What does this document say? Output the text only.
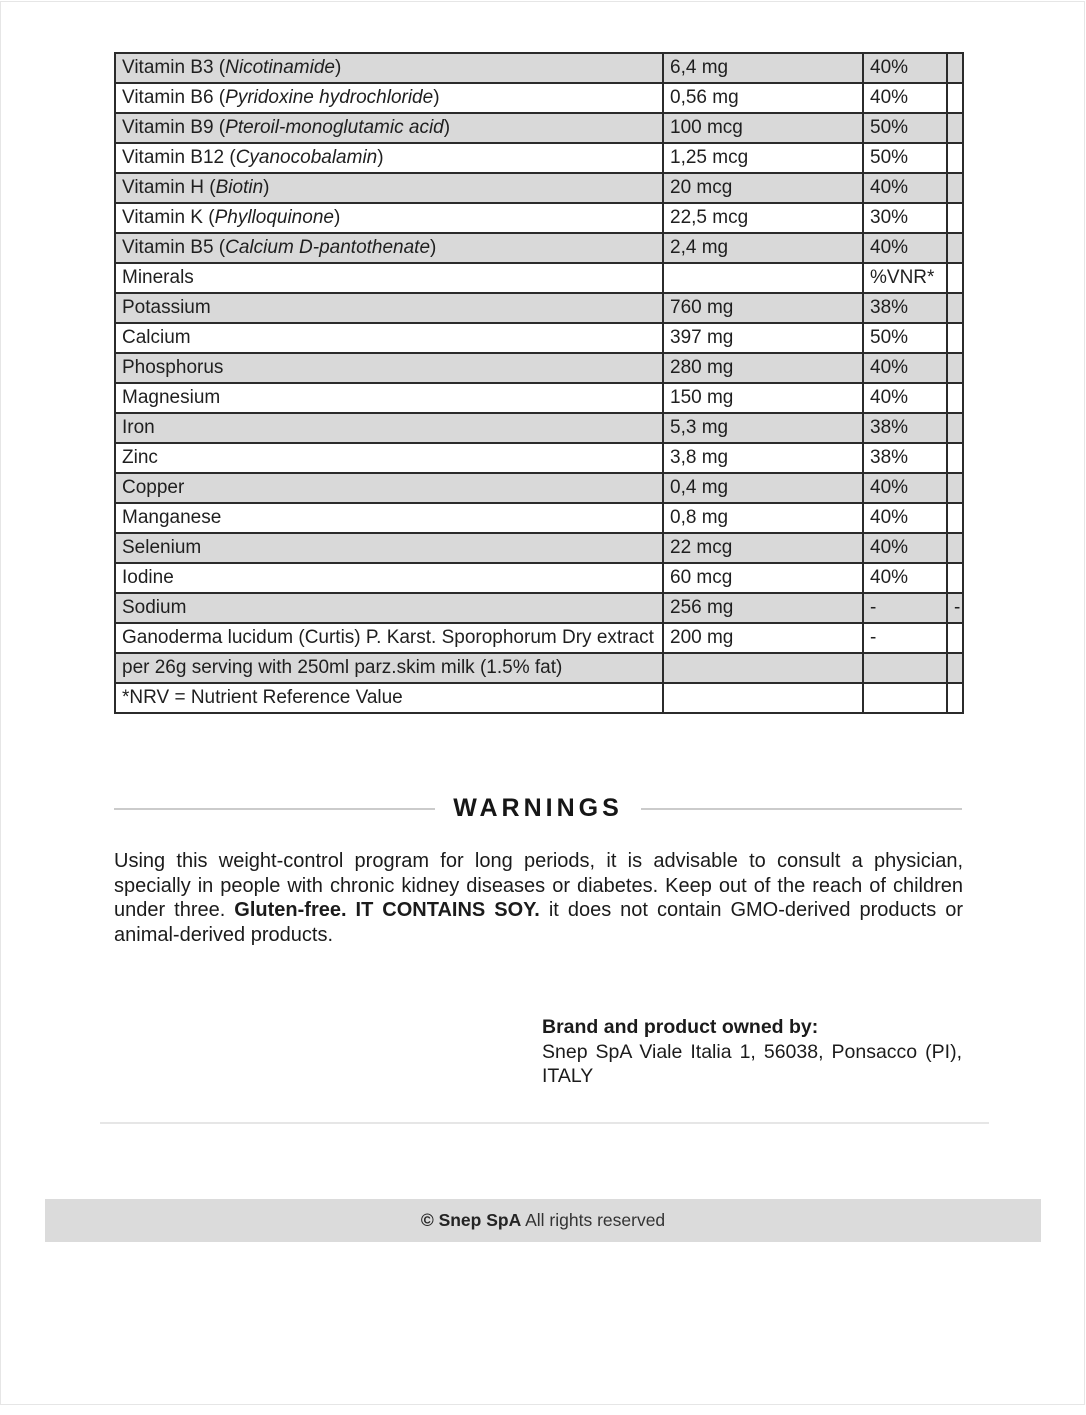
Vitamin B3 (Nicotinamide)	6,4 mg	40%	
Vitamin B6 (Pyridoxine hydrochloride)	0,56 mg	40%	
Vitamin B9 (Pteroil-monoglutamic acid)	100 mcg	50%	
Vitamin B12 (Cyanocobalamin)	1,25 mcg	50%	
Vitamin H (Biotin)	20 mcg	40%	
Vitamin K (Phylloquinone)	22,5 mcg	30%	
Vitamin B5 (Calcium D-pantothenate)	2,4 mg	40%	
Minerals		%VNR*	
Potassium	760 mg	38%	
Calcium	397 mg	50%	
Phosphorus	280 mg	40%	
Magnesium	150 mg	40%	
Iron	5,3 mg	38%	
Zinc	3,8 mg	38%	
Copper	0,4 mg	40%	
Manganese	0,8 mg	40%	
Selenium	22 mcg	40%	
Iodine	60 mcg	40%	
Sodium	256 mg	-	-
Ganoderma lucidum (Curtis) P. Karst. Sporophorum Dry extract	200 mg	-	
per 26g serving with 250ml parz.skim milk (1.5% fat)			
*NRV = Nutrient Reference Value			
WARNINGS
Using this weight-control program for long periods, it is advisable to consult a physician, specially in people with chronic kidney diseases or diabetes. Keep out of the reach of children under three. Gluten-free. IT CONTAINS SOY. it does not contain GMO-derived products or animal-derived products.
Brand and product owned by:
Snep SpA Viale Italia 1, 56038, Ponsacco (PI), ITALY
© Snep SpA All rights reserved
